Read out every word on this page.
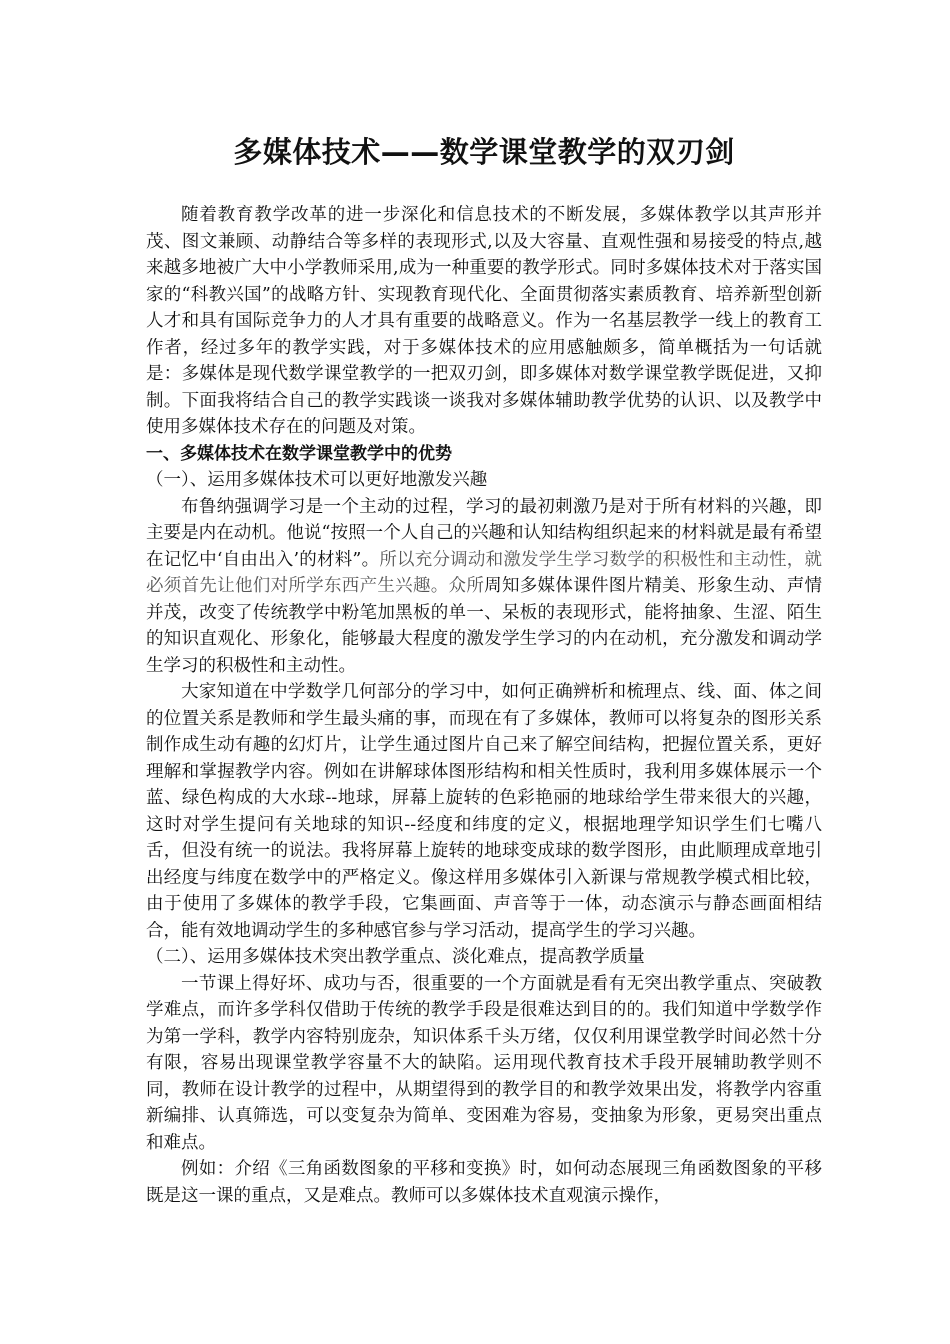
多媒体技术——数学课堂教学的双刃剑

随着教育教学改革的进一步深化和信息技术的不断发展，多媒体教学以其声形并茂、图文兼顾、动静结合等多样的表现形式,以及大容量、直观性强和易接受的特点,越来越多地被广大中小学教师采用,成为一种重要的教学形式。同时多媒体技术对于落实国家的“科教兴国”的战略方针、实现教育现代化、全面贯彻落实素质教育、培养新型创新人才和具有国际竞争力的人才具有重要的战略意义。作为一名基层教学一线上的教育工作者，经过多年的教学实践，对于多媒体技术的应用感触颇多，简单概括为一句话就是：多媒体是现代数学课堂教学的一把双刃剑，即多媒体对数学课堂教学既促进，又抑制。下面我将结合自己的教学实践谈一谈我对多媒体辅助教学优势的认识、以及教学中使用多媒体技术存在的问题及对策。

一、多媒体技术在数学课堂教学中的优势
（一）、运用多媒体技术可以更好地激发兴趣

布鲁纳强调学习是一个主动的过程，学习的最初刺激乃是对于所有材料的兴趣，即主要是内在动机。他说“按照一个人自己的兴趣和认知结构组织起来的材料就是最有希望在记忆中‘自由出入’的材料”。所以充分调动和激发学生学习数学的积极性和主动性，就必须首先让他们对所学东西产生兴趣。众所周知多媒体课件图片精美、形象生动、声情并茂，改变了传统教学中粉笔加黑板的单一、呆板的表现形式，能将抽象、生涩、陌生的知识直观化、形象化，能够最大程度的激发学生学习的内在动机，充分激发和调动学生学习的积极性和主动性。

大家知道在中学数学几何部分的学习中，如何正确辨析和梳理点、线、面、体之间的位置关系是教师和学生最头痛的事，而现在有了多媒体，教师可以将复杂的图形关系制作成生动有趣的幻灯片，让学生通过图片自己来了解空间结构，把握位置关系，更好理解和掌握教学内容。例如在讲解球体图形结构和相关性质时，我利用多媒体展示一个蓝、绿色构成的大水球--地球，屏幕上旋转的色彩艳丽的地球给学生带来很大的兴趣，这时对学生提问有关地球的知识--经度和纬度的定义，根据地理学知识学生们七嘴八舌，但没有统一的说法。我将屏幕上旋转的地球变成球的数学图形，由此顺理成章地引出经度与纬度在数学中的严格定义。像这样用多媒体引入新课与常规教学模式相比较，由于使用了多媒体的教学手段，它集画面、声音等于一体，动态演示与静态画面相结合，能有效地调动学生的多种感官参与学习活动，提高学生的学习兴趣。

（二）、运用多媒体技术突出教学重点、淡化难点，提高教学质量

一节课上得好坏、成功与否，很重要的一个方面就是看有无突出教学重点、突破教学难点，而许多学科仅借助于传统的教学手段是很难达到目的的。我们知道中学数学作为第一学科，教学内容特别庞杂，知识体系千头万绪，仅仅利用课堂教学时间必然十分有限，容易出现课堂教学容量不大的缺陷。运用现代教育技术手段开展辅助教学则不同，教师在设计教学的过程中，从期望得到的教学目的和教学效果出发，将教学内容重新编排、认真筛选，可以变复杂为简单、变困难为容易，变抽象为形象，更易突出重点和难点。

例如：介绍《三角函数图象的平移和变换》时，如何动态展现三角函数图象的平移既是这一课的重点，又是难点。教师可以多媒体技术直观演示操作，
